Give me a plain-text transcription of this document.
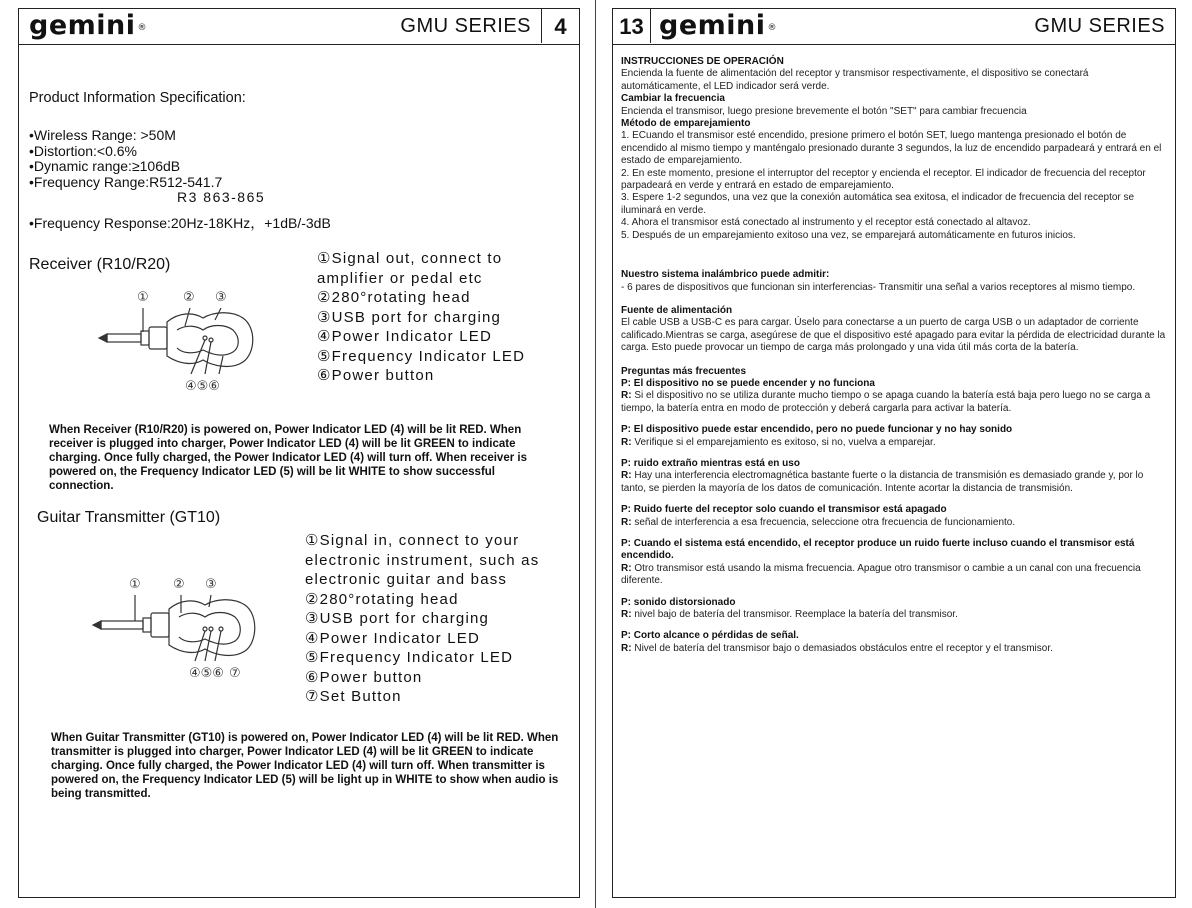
gemini ®	GMU SERIES	4
Product Information Specification:
•Wireless Range: >50M
•Distortion:<0.6%
•Dynamic range:≥106dB
•Frequency Range:R512-541.7
R3 863-865
•Frequency Response:20Hz-18KHz，+1dB/-3dB
Receiver (R10/R20)	①Signal out, connect to
amplifier or pedal etc
②280°rotating head
③USB port for charging
④Power Indicator LED
⑤Frequency Indicator LED
⑥Power button
①	② ③
④⑤⑥
When Receiver (R10/R20) is powered on, Power Indicator LED (4) will be lit RED. When receiver is plugged into charger, Power Indicator LED (4) will be lit GREEN to indicate charging. Once fully charged, the Power Indicator LED (4) will turn off. When receiver is powered on, the Frequency Indicator LED (5) will be lit WHITE to show successful connection.
Guitar Transmitter (GT10)
①Signal in, connect to your
electronic instrument, such as
electronic guitar and bass
②280°rotating head
③USB port for charging
④Power Indicator LED
⑤Frequency Indicator LED
⑥Power button
⑦Set Button
① ② ③
④⑤⑥ ⑦
When Guitar Transmitter (GT10) is powered on, Power Indicator LED (4) will be lit RED. When transmitter is plugged into charger, Power Indicator LED (4) will be lit GREEN to indicate charging. Once fully charged, the Power Indicator LED (4) will turn off. When transmitter is powered on, the Frequency Indicator LED (5) will be light up in WHITE to show when audio is being transmitted.
13 gemini ®	GMU SERIES

INSTRUCCIONES DE OPERACIÓN

Encienda la fuente de alimentación del receptor y transmisor respectivamente, el dispositivo se conectará automáticamente, el LED indicador será verde.

Cambiar la frecuencia

Encienda el transmisor, luego presione brevemente el botón "SET" para cambiar frecuencia

Método de emparejamiento

1. ECuando el transmisor esté encendido, presione primero el botón SET, luego mantenga presionado el botón de encendido al mismo tiempo y manténgalo presionado durante 3 segundos, la luz de encendido parpadeará y entrará en el estado de emparejamiento.

2. En este momento, presione el interruptor del receptor y encienda el receptor. El indicador de frecuencia del receptor parpadeará en verde y entrará en estado de emparejamiento.

3. Espere 1-2 segundos, una vez que la conexión automática sea exitosa, el indicador de frecuencia del receptor se iluminará en verde.

4. Ahora el transmisor está conectado al instrumento y el receptor está conectado al altavoz.

5. Después de un emparejamiento exitoso una vez, se emparejará automáticamente en futuros inicios.

Nuestro sistema inalámbrico puede admitir:

- 6 pares de dispositivos que funcionan sin interferencias- Transmitir una señal a varios receptores al mismo tiempo.

Fuente de alimentación

El cable USB a USB-C es para cargar. Úselo para conectarse a un puerto de carga USB o un adaptador de corriente calificado.Mientras se carga, asegúrese de que el dispositivo esté apagado para evitar la pérdida de electricidad durante la carga. Esto puede provocar un tiempo de carga más prolongado y una vida útil más corta de la batería.

Preguntas más frecuentes

P: El dispositivo no se puede encender y no funciona

R: Si el dispositivo no se utiliza durante mucho tiempo o se apaga cuando la batería está baja pero luego no se carga a tiempo, la batería entra en modo de protección y deberá cargarla para activar la batería.

P: El dispositivo puede estar encendido, pero no puede funcionar y no hay sonido

R: Verifique si el emparejamiento es exitoso, si no, vuelva a emparejar.

P: ruido extraño mientras está en uso

R: Hay una interferencia electromagnética bastante fuerte o la distancia de transmisión es demasiado grande y, por lo tanto, se pierden la mayoría de los datos de comunicación. Intente acortar la distancia de transmisión.

P: Ruido fuerte del receptor solo cuando el transmisor está apagado

R: señal de interferencia a esa frecuencia, seleccione otra frecuencia de funcionamiento.

P: Cuando el sistema está encendido, el receptor produce un ruido fuerte incluso cuando el transmisor está encendido.

R: Otro transmisor está usando la misma frecuencia. Apague otro transmisor o cambie a un canal con una frecuencia diferente.

P: sonido distorsionado

R: nivel bajo de batería del transmisor. Reemplace la batería del transmisor.

P: Corto alcance o pérdidas de señal.

R: Nivel de batería del transmisor bajo o demasiados obstáculos entre el receptor y el transmisor.
